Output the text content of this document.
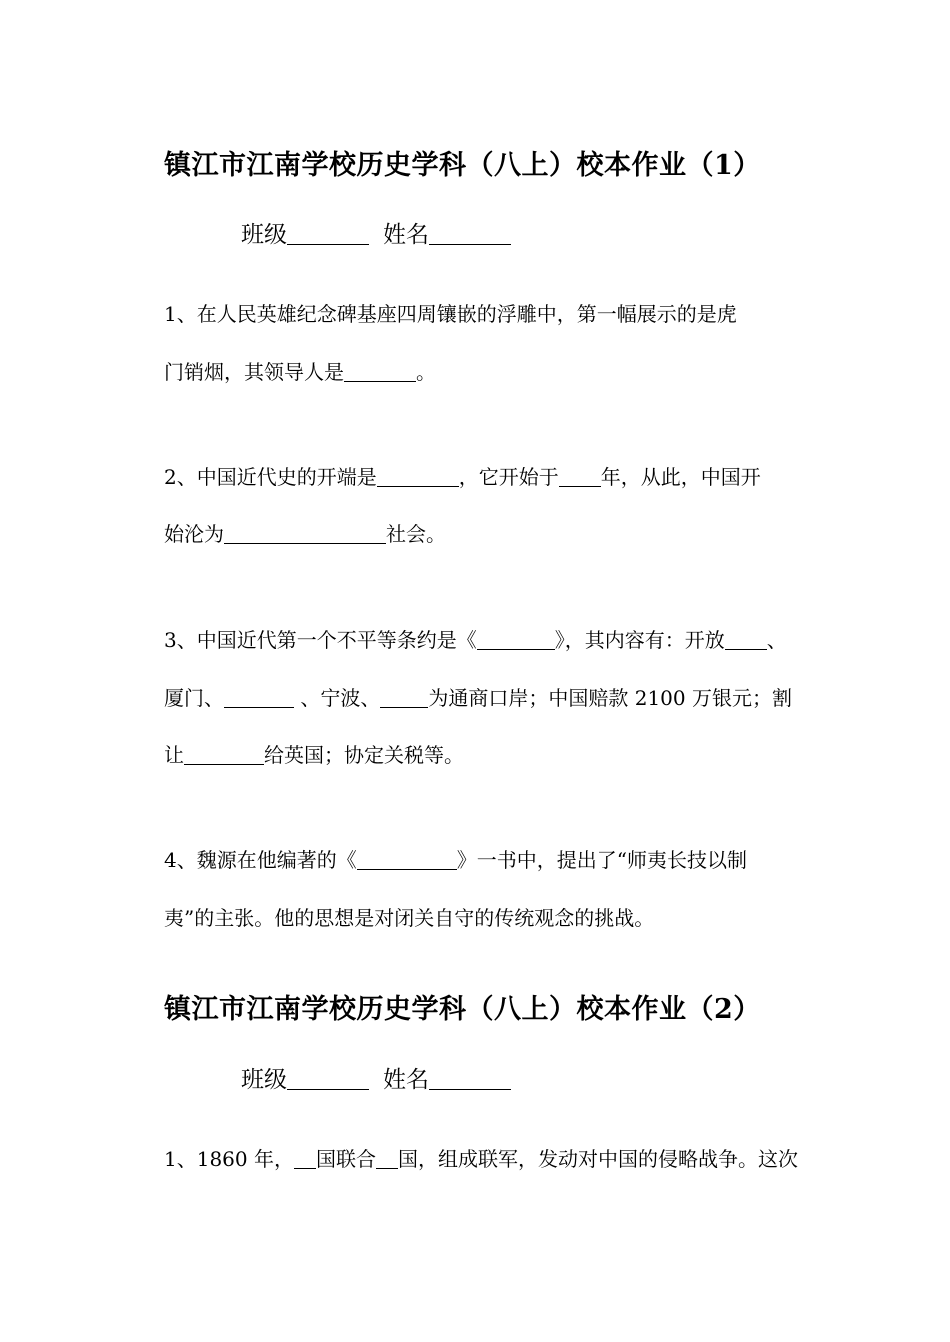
镇江市江南学校历史学科（八上）校本作业（1）
班级	姓名
1、在人民英雄纪念碑基座四周镶嵌的浮雕中，第一幅展示的是虎
门销烟，其领导人是	。
2、中国近代史的开端是	，它开始于 年，从此，中国开
始沦为	社会。
3、中国近代第一个不平等条约是《	》，其内容有：开放 、
厦门、	、宁波、 为通商口岸；中国赔款 2100 万银元；割
让	给英国；协定关税等。
4、魏源在他编著的《	》一书中，提出了“师夷长技以制
夷”的主张。他的思想是对闭关自守的传统观念的挑战。
镇江市江南学校历史学科（八上）校本作业（2）
班级	姓名
1、1860 年， 国联合 国，组成联军，发动对中国的侵略战争。这次
